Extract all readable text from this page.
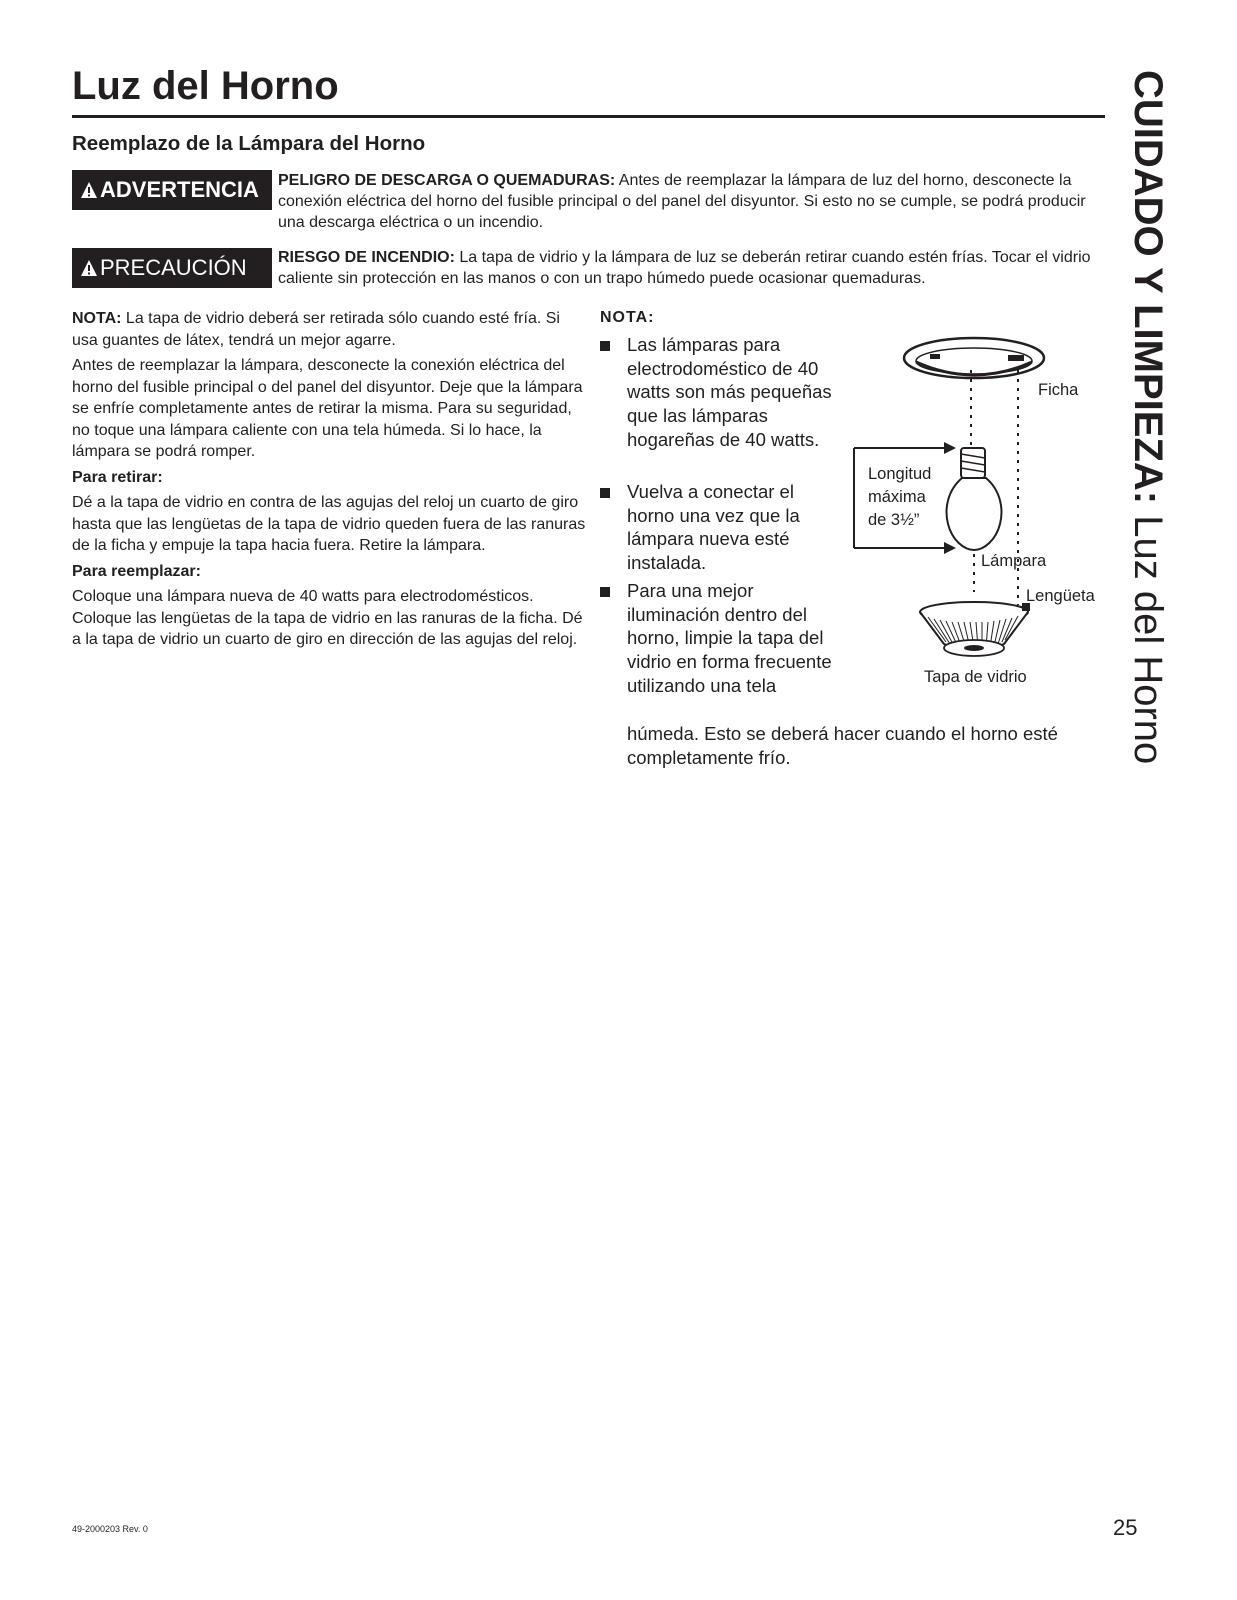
Luz del Horno
Reemplazo de la Lámpara del Horno
ADVERTENCIA PELIGRO DE DESCARGA O QUEMADURAS: Antes de reemplazar la lámpara de luz del horno, desconecte la conexión eléctrica del horno del fusible principal o del panel del disyuntor. Si esto no se cumple, se podrá producir una descarga eléctrica o un incendio.
PRECAUCIÓN RIESGO DE INCENDIO: La tapa de vidrio y la lámpara de luz se deberán retirar cuando estén frías. Tocar el vidrio caliente sin protección en las manos o con un trapo húmedo puede ocasionar quemaduras.

NOTA: La tapa de vidrio deberá ser retirada sólo cuando esté fría. Si usa guantes de látex, tendrá un mejor agarre.

Antes de reemplazar la lámpara, desconecte la conexión eléctrica del horno del fusible principal o del panel del disyuntor. Deje que la lámpara se enfríe completamente antes de retirar la misma. Para su seguridad, no toque una lámpara caliente con una tela húmeda. Si lo hace, la lámpara se podrá romper.

Para retirar:

Dé a la tapa de vidrio en contra de las agujas del reloj un cuarto de giro hasta que las lengüetas de la tapa de vidrio queden fuera de las ranuras de la ficha y empuje la tapa hacia fuera. Retire la lámpara.

Para reemplazar:

Coloque una lámpara nueva de 40 watts para electrodomésticos. Coloque las lengüetas de la tapa de vidrio en las ranuras de la ficha. Dé a la tapa de vidrio un cuarto de giro en dirección de las agujas del reloj.

NOTA:
Las lámparas para electrodoméstico de 40 watts son más pequeñas que las lámparas hogareñas de 40 watts.
Vuelva a conectar el horno una vez que la lámpara nueva esté instalada.
Para una mejor iluminación dentro del horno, limpie la tapa del vidrio en forma frecuente utilizando una tela
húmeda. Esto se deberá hacer cuando el horno esté completamente frío.
Ficha
Longitud
máxima
de 3½”
Lámpara
Lengüeta
Tapa de vidrio
CUIDADO Y LIMPIEZA: Luz del Horno
49-2000203 Rev. 0	25
